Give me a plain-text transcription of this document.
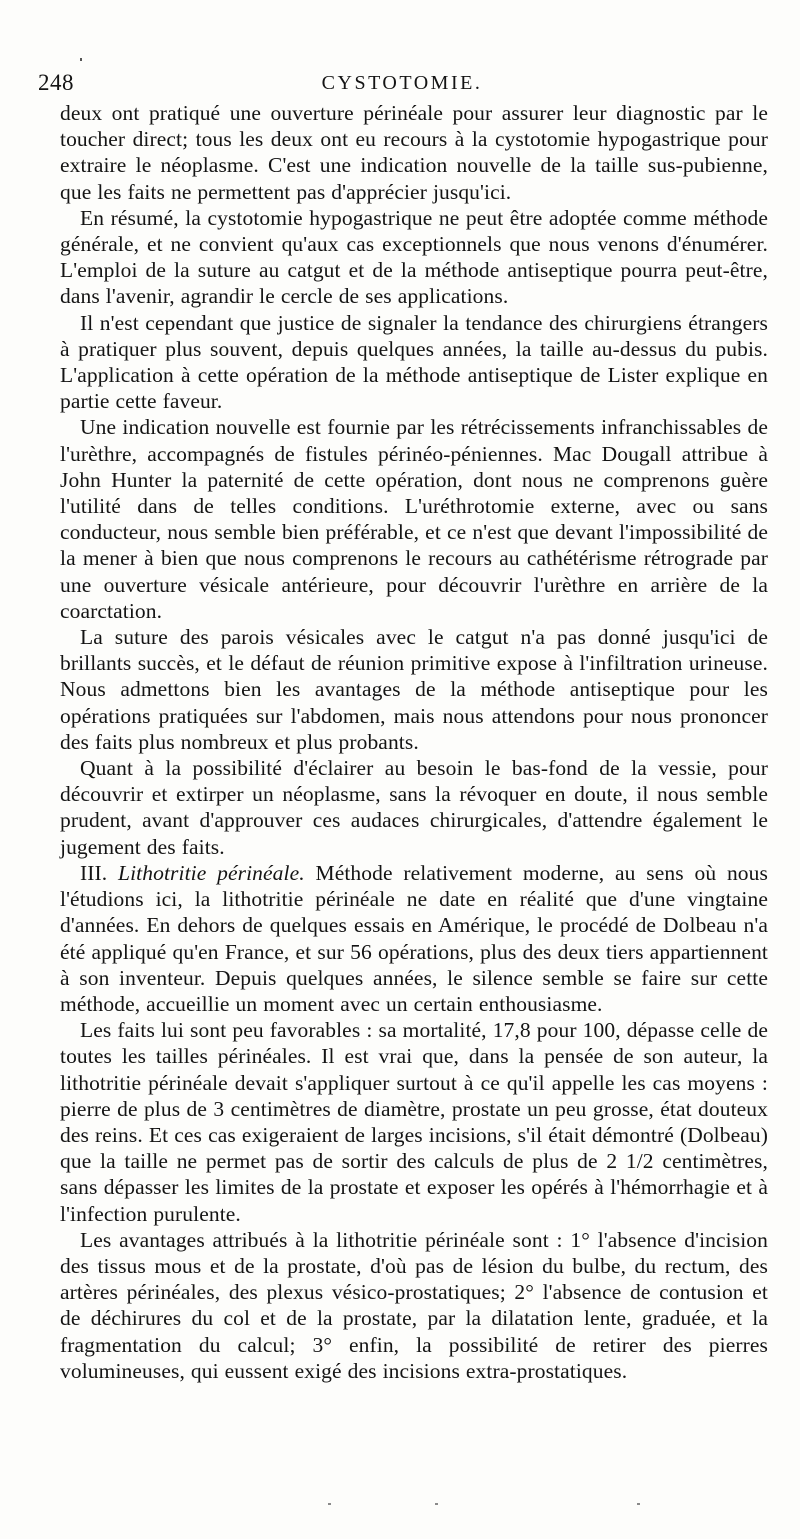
248	CYSTOTOMIE.

deux ont pratiqué une ouverture périnéale pour assurer leur diagnostic par le toucher direct; tous les deux ont eu recours à la cystotomie hypogastrique pour extraire le néoplasme. C'est une indication nouvelle de la taille sus-pubienne, que les faits ne permettent pas d'apprécier jusqu'ici.

En résumé, la cystotomie hypogastrique ne peut être adoptée comme méthode générale, et ne convient qu'aux cas exceptionnels que nous venons d'énumérer. L'emploi de la suture au catgut et de la méthode antiseptique pourra peut-être, dans l'avenir, agrandir le cercle de ses applications.

Il n'est cependant que justice de signaler la tendance des chirurgiens étrangers à pratiquer plus souvent, depuis quelques années, la taille au-dessus du pubis. L'application à cette opération de la méthode antiseptique de Lister explique en partie cette faveur.

Une indication nouvelle est fournie par les rétrécissements infranchissables de l'urèthre, accompagnés de fistules périnéo-péniennes. Mac Dougall attribue à John Hunter la paternité de cette opération, dont nous ne comprenons guère l'utilité dans de telles conditions. L'uréthrotomie externe, avec ou sans conducteur, nous semble bien préférable, et ce n'est que devant l'impossibilité de la mener à bien que nous comprenons le recours au cathétérisme rétrograde par une ouverture vésicale antérieure, pour découvrir l'urèthre en arrière de la coarctation.

La suture des parois vésicales avec le catgut n'a pas donné jusqu'ici de brillants succès, et le défaut de réunion primitive expose à l'infiltration urineuse. Nous admettons bien les avantages de la méthode antiseptique pour les opérations pratiquées sur l'abdomen, mais nous attendons pour nous prononcer des faits plus nombreux et plus probants.

Quant à la possibilité d'éclairer au besoin le bas-fond de la vessie, pour découvrir et extirper un néoplasme, sans la révoquer en doute, il nous semble prudent, avant d'approuver ces audaces chirurgicales, d'attendre également le jugement des faits.

III. Lithotritie périnéale. Méthode relativement moderne, au sens où nous l'étudions ici, la lithotritie périnéale ne date en réalité que d'une vingtaine d'années. En dehors de quelques essais en Amérique, le procédé de Dolbeau n'a été appliqué qu'en France, et sur 56 opérations, plus des deux tiers appartiennent à son inventeur. Depuis quelques années, le silence semble se faire sur cette méthode, accueillie un moment avec un certain enthousiasme.

Les faits lui sont peu favorables : sa mortalité, 17,8 pour 100, dépasse celle de toutes les tailles périnéales. Il est vrai que, dans la pensée de son auteur, la lithotritie périnéale devait s'appliquer surtout à ce qu'il appelle les cas moyens : pierre de plus de 3 centimètres de diamètre, prostate un peu grosse, état douteux des reins. Et ces cas exigeraient de larges incisions, s'il était démontré (Dolbeau) que la taille ne permet pas de sortir des calculs de plus de 2 1/2 centimètres, sans dépasser les limites de la prostate et exposer les opérés à l'hémorrhagie et à l'infection purulente.

Les avantages attribués à la lithotritie périnéale sont : 1° l'absence d'incision des tissus mous et de la prostate, d'où pas de lésion du bulbe, du rectum, des artères périnéales, des plexus vésico-prostatiques; 2° l'absence de contusion et de déchirures du col et de la prostate, par la dilatation lente, graduée, et la fragmentation du calcul; 3° enfin, la possibilité de retirer des pierres volumineuses, qui eussent exigé des incisions extra-prostatiques.
